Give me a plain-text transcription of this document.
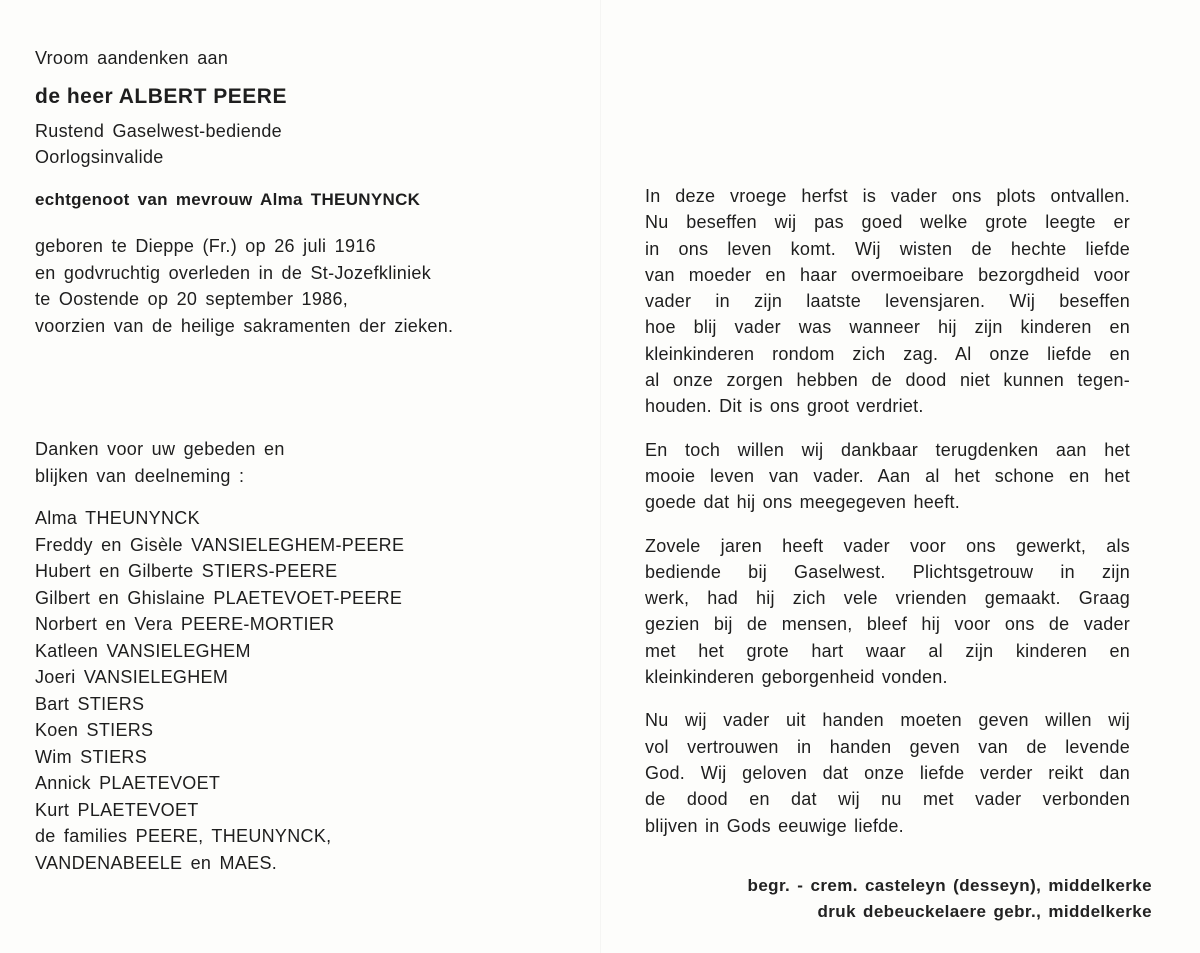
Vroom aandenken aan
de heer ALBERT PEERE
Rustend Gaselwest-bediende
Oorlogsinvalide
echtgenoot van mevrouw Alma THEUNYNCK
geboren te Dieppe (Fr.) op 26 juli 1916
en godvruchtig overleden in de St-Jozefkliniek
te Oostende op 20 september 1986,
voorzien van de heilige sakramenten der zieken.
Danken voor uw gebeden en
blijken van deelneming :
Alma THEUNYNCK
Freddy en Gisèle VANSIELEGHEM-PEERE
Hubert en Gilberte STIERS-PEERE
Gilbert en Ghislaine PLAETEVOET-PEERE
Norbert en Vera PEERE-MORTIER
Katleen VANSIELEGHEM
Joeri VANSIELEGHEM
Bart STIERS
Koen STIERS
Wim STIERS
Annick PLAETEVOET
Kurt PLAETEVOET
de families PEERE, THEUNYNCK,
VANDENABEELE en MAES.
In deze vroege herfst is vader ons plots ontvallen.
Nu beseffen wij pas goed welke grote leegte er
in ons leven komt. Wij wisten de hechte liefde
van moeder en haar overmoeibare bezorgdheid voor
vader in zijn laatste levensjaren. Wij beseffen
hoe blij vader was wanneer hij zijn kinderen en
kleinkinderen rondom zich zag. Al onze liefde en
al onze zorgen hebben de dood niet kunnen tegen-
houden. Dit is ons groot verdriet.
En toch willen wij dankbaar terugdenken aan het
mooie leven van vader. Aan al het schone en het
goede dat hij ons meegegeven heeft.
Zovele jaren heeft vader voor ons gewerkt, als
bediende bij Gaselwest. Plichtsgetrouw in zijn
werk, had hij zich vele vrienden gemaakt. Graag
gezien bij de mensen, bleef hij voor ons de vader
met het grote hart waar al zijn kinderen en
kleinkinderen geborgenheid vonden.
Nu wij vader uit handen moeten geven willen wij
vol vertrouwen in handen geven van de levende
God. Wij geloven dat onze liefde verder reikt dan
de dood en dat wij nu met vader verbonden
blijven in Gods eeuwige liefde.
begr. - crem. casteleyn (desseyn), middelkerke
druk debeuckelaere gebr., middelkerke
